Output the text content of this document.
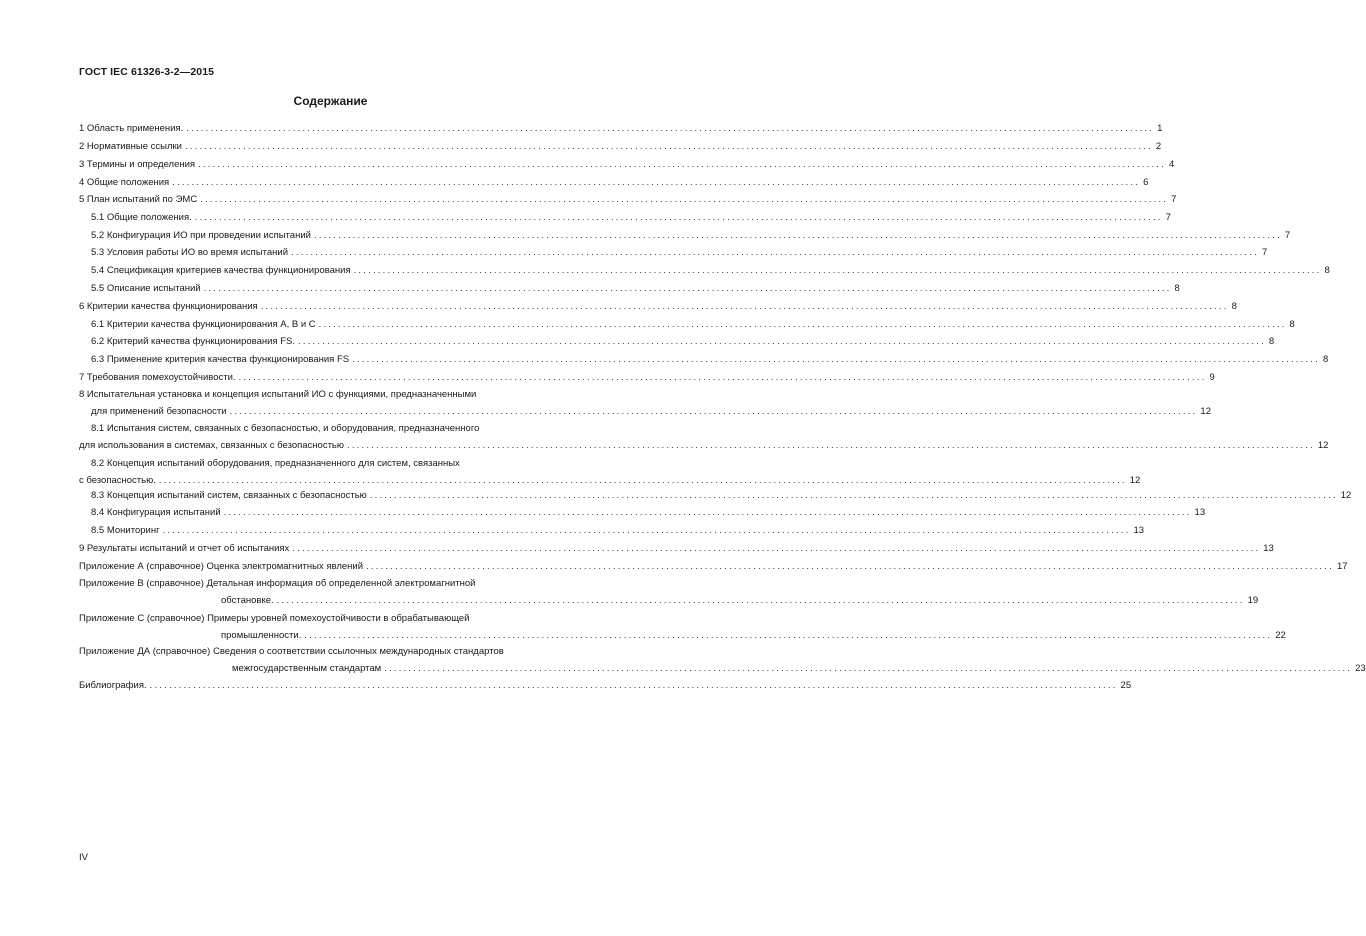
ГОСТ IEC 61326-3-2—2015
Содержание
1 Область применения. ........................................................................................................................................................................................................ 1
2 Нормативные ссылки ........................................................................................................................................................................................................ 2
3 Термины и определения ........................................................................................................................................................................................................ 4
4 Общие положения ........................................................................................................................................................................................................ 6
5 План испытаний по ЭМС ........................................................................................................................................................................................................ 7
5.1 Общие положения. ........................................................................................................................................................................................................ 7
5.2 Конфигурация ИО при проведении испытаний ........................................................................................................................................................................................................ 7
5.3 Условия работы ИО во время испытаний ........................................................................................................................................................................................................ 7
5.4 Спецификация критериев качества функционирования ........................................................................................................................................................................................................ 8
5.5 Описание испытаний ........................................................................................................................................................................................................ 8
6 Критерии качества функционирования ........................................................................................................................................................................................................ 8
6.1 Критерии качества функционирования А, В и С ........................................................................................................................................................................................................ 8
6.2 Критерий качества функционирования FS. ........................................................................................................................................................................................................ 8
6.3 Применение критерия качества функционирования FS ........................................................................................................................................................................................................ 8
7 Требования помехоустойчивости. ........................................................................................................................................................................................................ 9
8 Испытательная установка и концепция испытаний ИО с функциями, предназначенными
для применений безопасности ........................................................................................................................................................................................................ 12
8.1 Испытания систем, связанных с безопасностью, и оборудования, предназначенного
для использования в системах, связанных с безопасностью ........................................................................................................................................................................................................ 12
8.2 Концепция испытаний оборудования, предназначенного для систем, связанных
с безопасностью. ........................................................................................................................................................................................................ 12
8.3 Концепция испытаний систем, связанных с безопасностью ........................................................................................................................................................................................................ 12
8.4 Конфигурация испытаний ........................................................................................................................................................................................................ 13
8.5 Мониторинг ........................................................................................................................................................................................................ 13
9 Результаты испытаний и отчет об испытаниях ........................................................................................................................................................................................................ 13
Приложение А (справочное) Оценка электромагнитных явлений ........................................................................................................................................................................................................ 17
Приложение В (справочное) Детальная информация об определенной электромагнитной
обстановке. ........................................................................................................................................................................................................ 19
Приложение С (справочное) Примеры уровней помехоустойчивости в обрабатывающей
промышленности. ........................................................................................................................................................................................................ 22
Приложение ДА (справочное) Сведения о соответствии ссылочных международных стандартов
межгосударственным стандартам ........................................................................................................................................................................................................ 23
Библиография. ........................................................................................................................................................................................................ 25
IV
